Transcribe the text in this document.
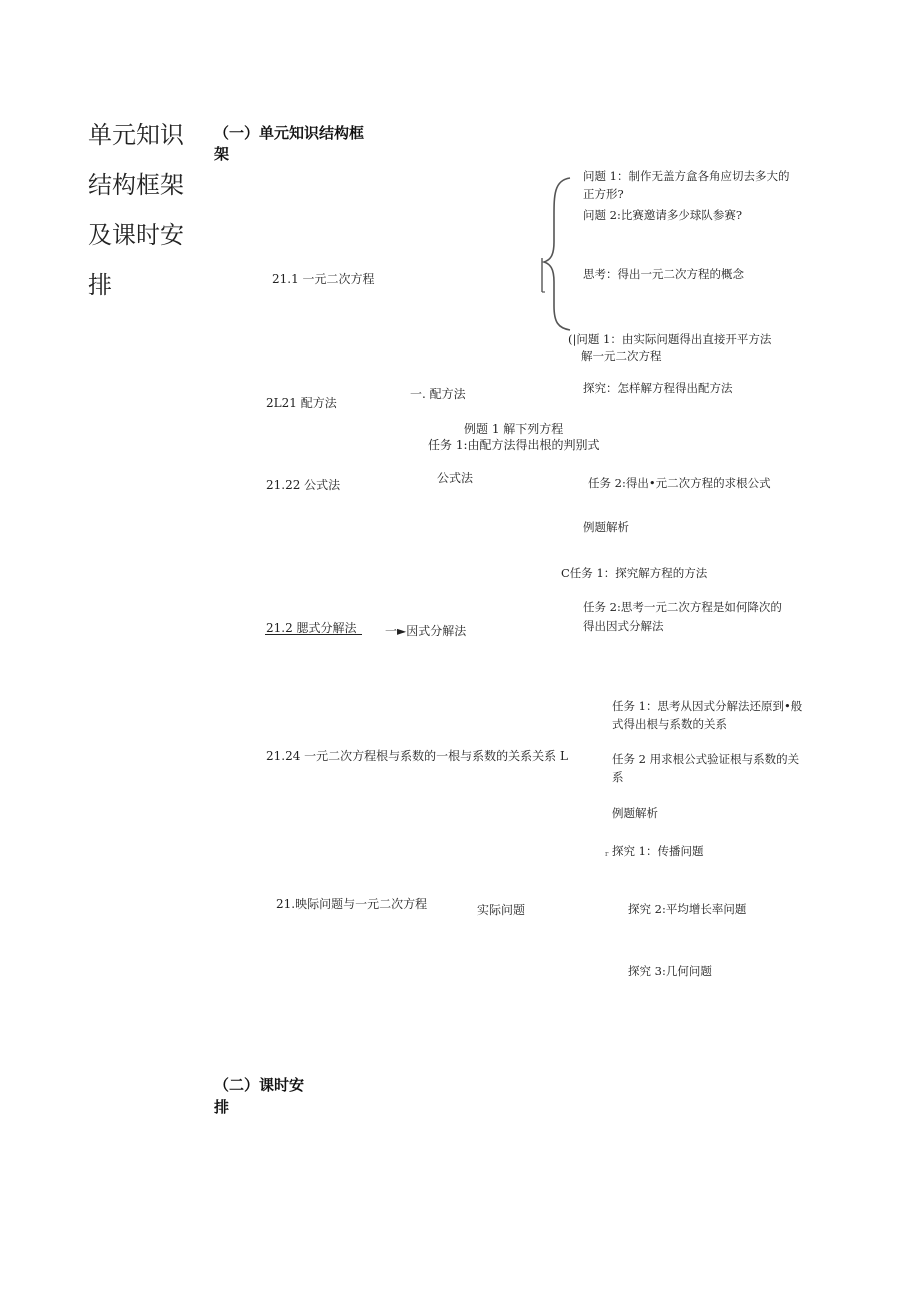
单元知识
结构框架
及课时安
排
（一）单元知识结构框
架
21.1 一元二次方程
2L21 配方法
21.22 公式法
21.2 腮式分解法
21.24 一元二次方程根与系数的一根与系数的关系关系 L
21.映际问题与一元二次方程
一. 配方法
例题 1 解下列方程
任务 1:由配方法得出根的判别式
公式法
一►因式分解法
实际问题
问题 1：制作无盖方盒各角应切去多大的
正方形?
问题 2:比赛邀请多少球队参赛?
思考：得出一元二次方程的概念
(|问题 1：由实际问题得出直接开平方法
解一元二次方程
探究：怎样解方程得出配方法
任务 2:得出•元二次方程的求根公式
例题解析
C任务 1：探究解方程的方法
任务 2:思考一元二次方程是如何降次的
得出因式分解法
任务 1：思考从因式分解法还原到•般
式得出根与系数的关系
任务 2 用求根公式验证根与系数的关
系
例题解析
r 探究 1：传播问题
探究 2:平均增长率问题
探究 3:几何问题
（二）课时安
排
